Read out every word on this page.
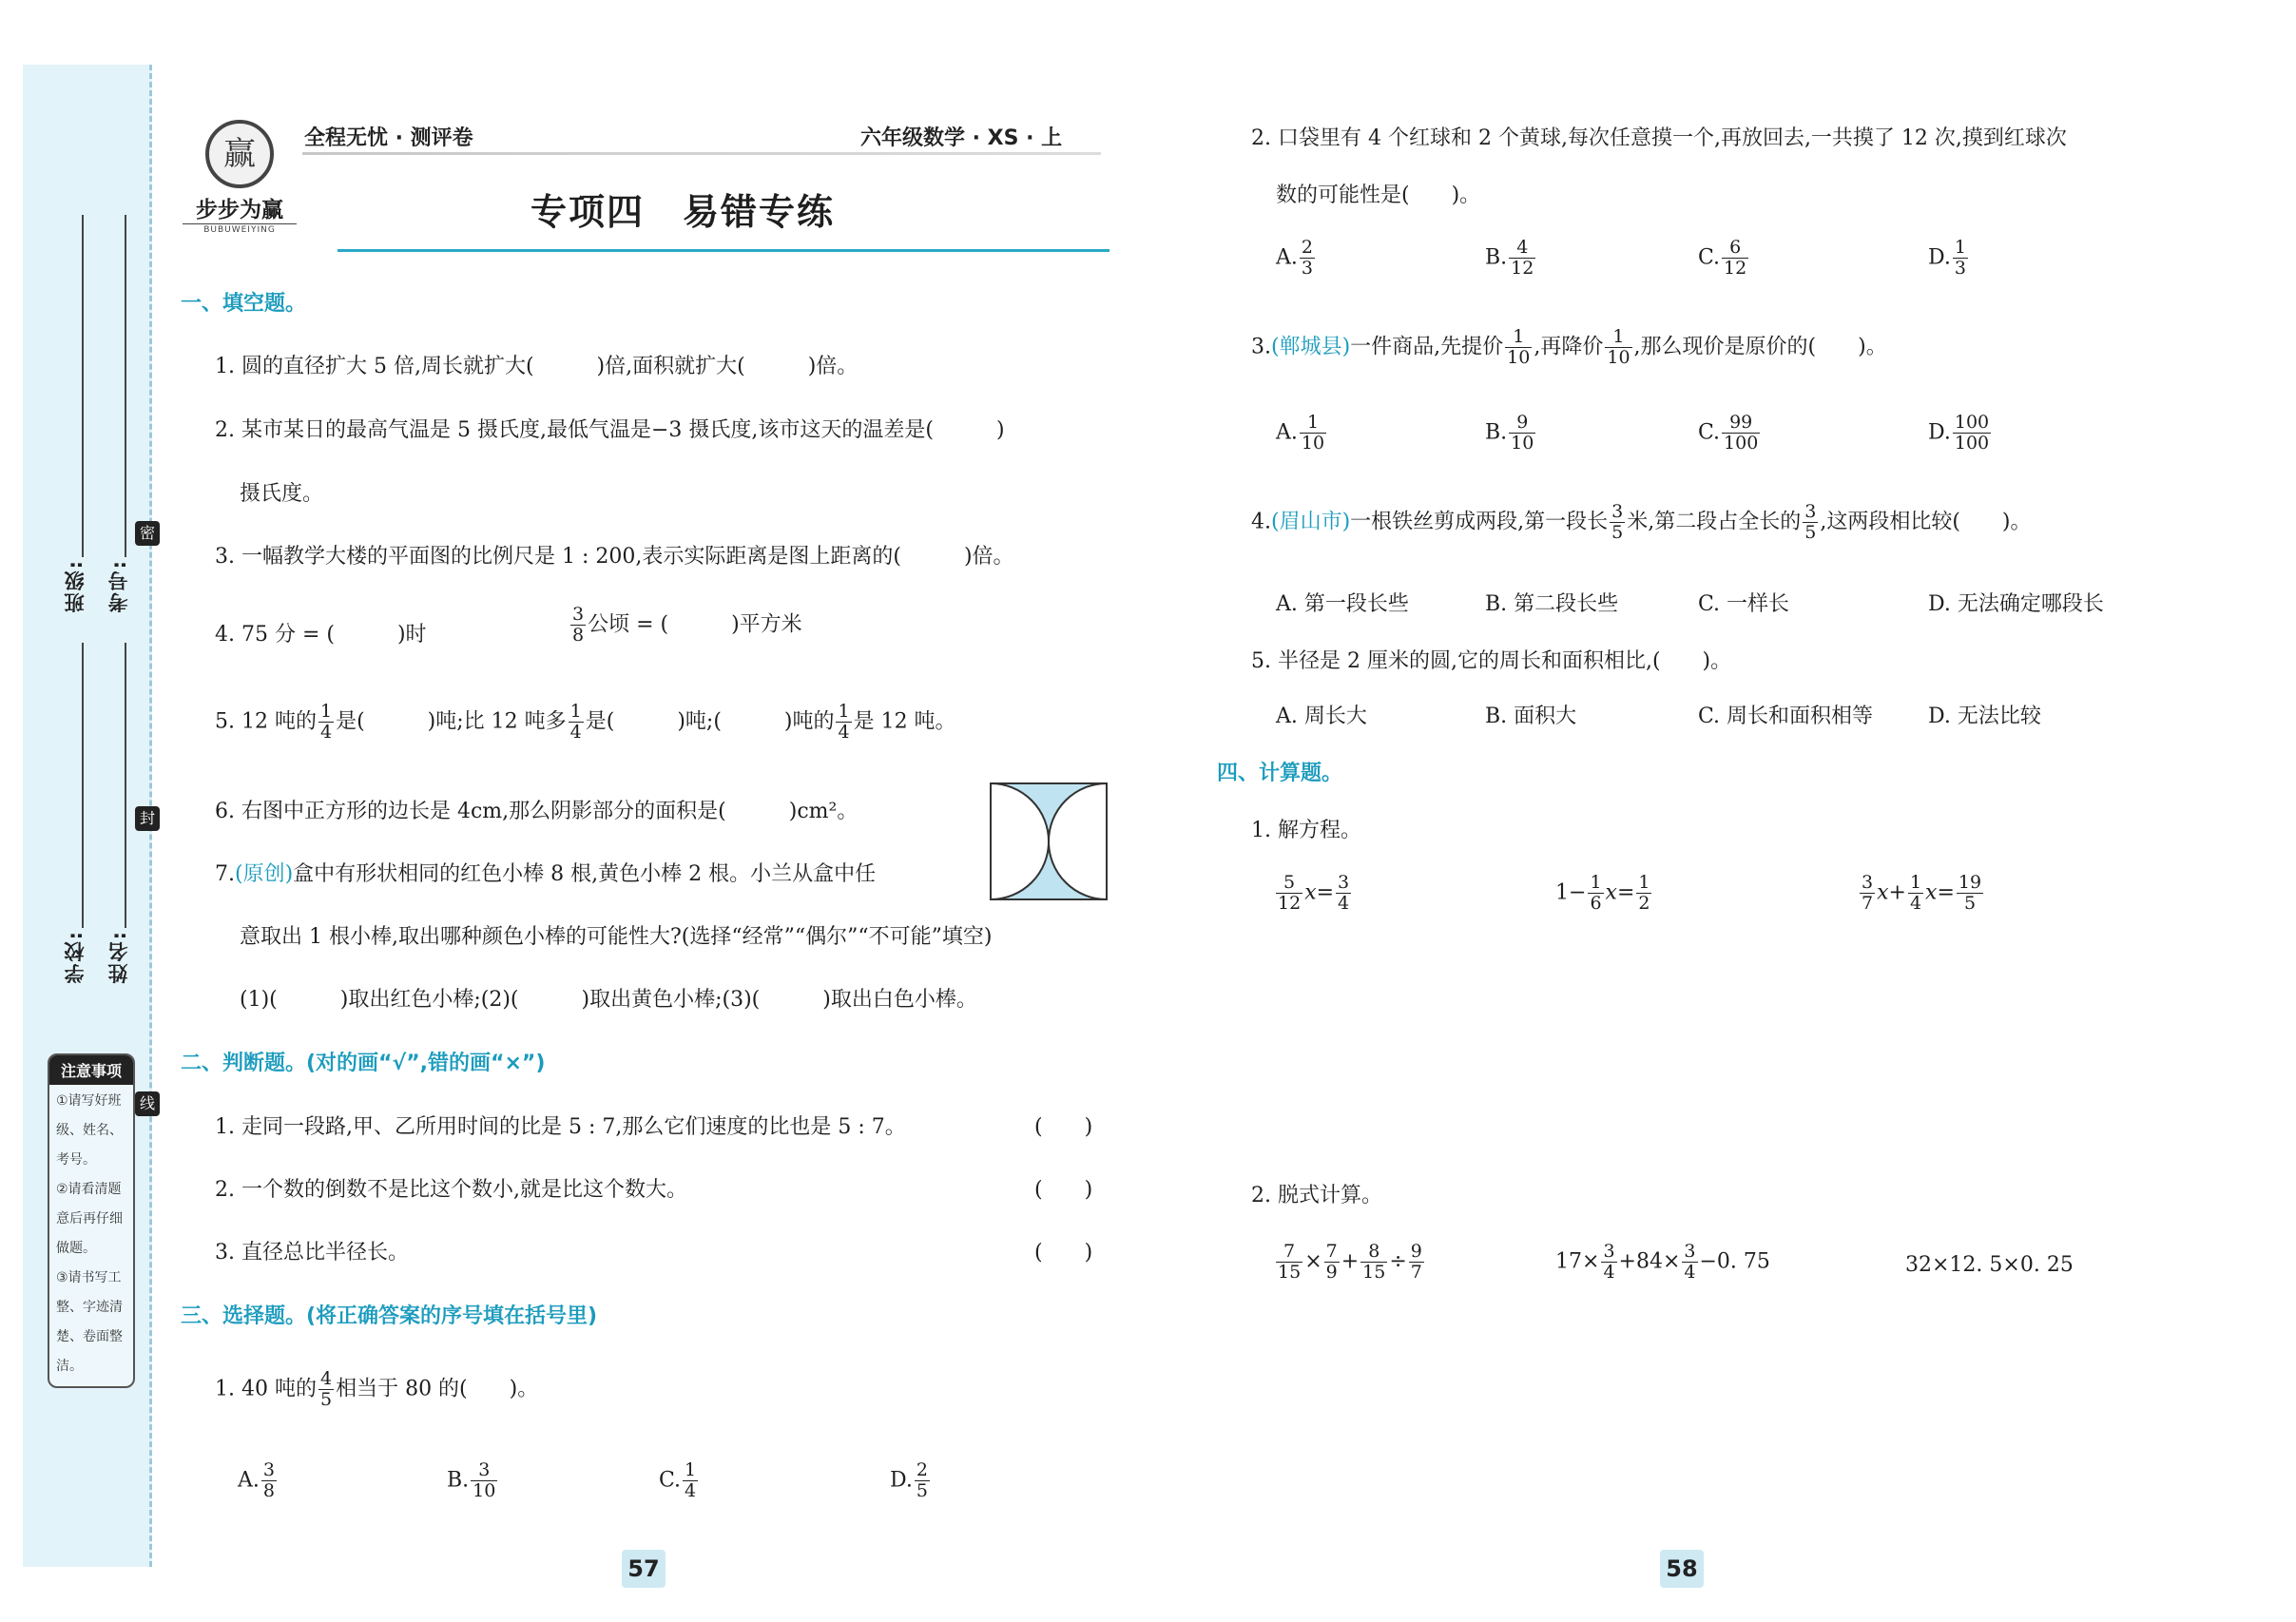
班级: 考号:
密
封
线
学校: 姓名:
注意事项
①请写好班
级、姓名、
考号。
②请看清题
意后再仔细
做题。
③请书写工
整、字迹清
楚、卷面整
洁。
赢
步步为赢
BUBUWEIYING
全程无忧 · 测评卷	六年级数学 · XS · 上
专项四　易错专练
一、填空题。
1. 圆的直径扩大 5 倍,周长就扩大(　　　)倍,面积就扩大(　　　)倍。
2. 某市某日的最高气温是 5 摄氏度,最低气温是−3 摄氏度,该市这天的温差是(　　　)
摄氏度。
3. 一幅教学大楼的平面图的比例尺是 1 : 200,表示实际距离是图上距离的(　　　)倍。
4. 75 分 = (　　　)时	$\frac{3}{8}$ 公顷 = (　　　)平方米
5. 12 吨的 $\frac{1}{4}$ 是(　　　)吨;比 12 吨多 $\frac{1}{4}$ 是(　　　)吨;(　　　)吨的 $\frac{1}{4}$ 是 12 吨。
6. 右图中正方形的边长是 4cm,那么阴影部分的面积是(　　　)cm²。
7.(原创)盒中有形状相同的红色小棒 8 根,黄色小棒 2 根。小兰从盒中任
意取出 1 根小棒,取出哪种颜色小棒的可能性大?(选择“经常”“偶尔”“不可能”填空)
(1)(　　　)取出红色小棒;(2)(　　　)取出黄色小棒;(3)(　　　)取出白色小棒。
二、判断题。(对的画“√”,错的画“×”)
1. 走同一段路,甲、乙所用时间的比是 5 : 7,那么它们速度的比也是 5 : 7。	(　　)
2. 一个数的倒数不是比这个数小,就是比这个数大。	(　　)
3. 直径总比半径长。	(　　)
三、选择题。(将正确答案的序号填在括号里)
1. 40 吨的 $\frac{4}{5}$ 相当于 80 的(　　)。
A. $\frac{3}{8}$	B. $\frac{3}{10}$	C. $\frac{1}{4}$	D. $\frac{2}{5}$
57
2. 口袋里有 4 个红球和 2 个黄球,每次任意摸一个,再放回去,一共摸了 12 次,摸到红球次
数的可能性是(　　)。
A. $\frac{2}{3}$	B. $\frac{4}{12}$	C. $\frac{6}{12}$	D. $\frac{1}{3}$
3.(郸城县)一件商品,先提价 $\frac{1}{10}$ ,再降价 $\frac{1}{10}$ ,那么现价是原价的(　　)。
A. $\frac{1}{10}$	B. $\frac{9}{10}$	C. $\frac{99}{100}$	D. $\frac{100}{100}$
4.(眉山市)一根铁丝剪成两段,第一段长 $\frac{3}{5}$ 米,第二段占全长的 $\frac{3}{5}$ ,这两段相比较(　　)。
A. 第一段长些	B. 第二段长些	C. 一样长	D. 无法确定哪段长
5. 半径是 2 厘米的圆,它的周长和面积相比,(　　)。
A. 周长大	B. 面积大	C. 周长和面积相等	D. 无法比较
四、计算题。
1. 解方程。
$\frac{5}{12} x= \frac{3}{4}$	$1- \frac{1}{6} x= \frac{1}{2}$	$\frac{3}{7} x+ \frac{1}{4} x= \frac{19}{5}$
2. 脱式计算。
$\frac{7}{15} \times \frac{7}{9} + \frac{8}{15} \div \frac{9}{7}$	$17\times \frac{3}{4} +84\times \frac{3}{4} -0$. 75	32×12. 5×0. 25
58
